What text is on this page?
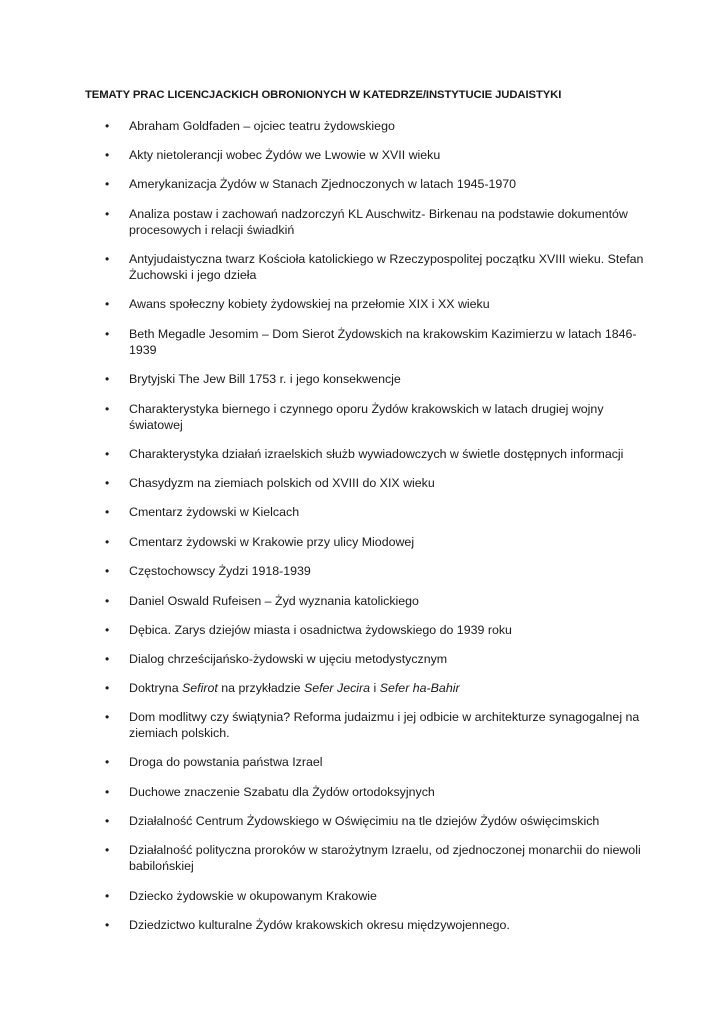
TEMATY PRAC LICENCJACKICH OBRONIONYCH W KATEDRZE/INSTYTUCIE JUDAISTYKI
• Abraham Goldfaden – ojciec teatru żydowskiego
• Akty nietolerancji wobec Żydów we Lwowie w XVII wieku
• Amerykanizacja Żydów w Stanach Zjednoczonych w latach 1945-1970
• Analiza postaw i zachowań nadzorczyń KL Auschwitz- Birkenau na podstawie dokumentów procesowych i relacji świadkiń
• Antyjudaistyczna twarz Kościoła katolickiego w Rzeczypospolitej początku XVIII wieku. Stefan Żuchowski i jego dzieła
• Awans społeczny kobiety żydowskiej na przełomie XIX i XX wieku
• Beth Megadle Jesomim – Dom Sierot Żydowskich na krakowskim Kazimierzu w latach 1846-1939
• Brytyjski The Jew Bill 1753 r. i jego konsekwencje
• Charakterystyka biernego i czynnego oporu Żydów krakowskich w latach drugiej wojny światowej
• Charakterystyka działań izraelskich służb wywiadowczych w świetle dostępnych informacji
• Chasydyzm na ziemiach polskich od XVIII do XIX wieku
• Cmentarz żydowski w Kielcach
• Cmentarz żydowski w Krakowie przy ulicy Miodowej
• Częstochowscy Żydzi 1918-1939
• Daniel Oswald Rufeisen – Żyd wyznania katolickiego
• Dębica. Zarys dziejów miasta i osadnictwa żydowskiego do 1939 roku
• Dialog chrześcijańsko-żydowski w ujęciu metodystycznym
• Doktryna Sefirot na przykładzie Sefer Jecira i Sefer ha-Bahir
• Dom modlitwy czy świątynia? Reforma judaizmu i jej odbicie w architekturze synagogalnej na ziemiach polskich.
• Droga do powstania państwa Izrael
• Duchowe znaczenie Szabatu dla Żydów ortodoksyjnych
• Działalność Centrum Żydowskiego w Oświęcimiu na tle dziejów Żydów oświęcimskich
• Działalność polityczna proroków w starożytnym Izraelu, od zjednoczonej monarchii do niewoli babilońskiej
• Dziecko żydowskie w okupowanym Krakowie
• Dziedzictwo kulturalne Żydów krakowskich okresu międzywojennego.
